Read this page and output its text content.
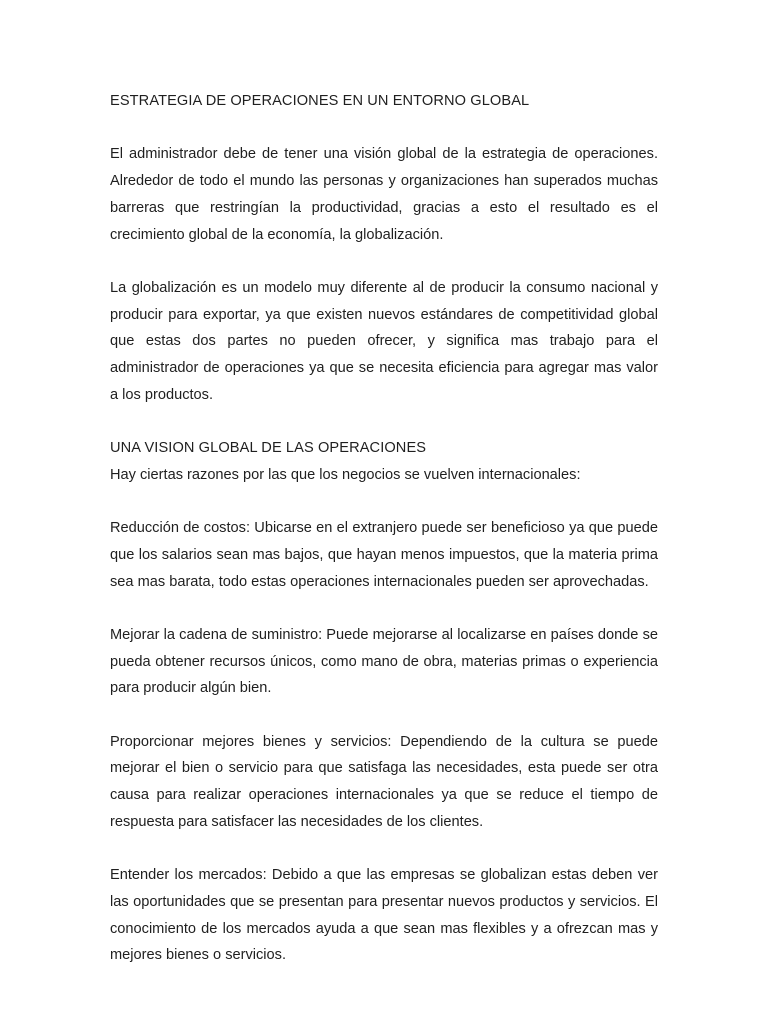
ESTRATEGIA DE OPERACIONES EN UN ENTORNO GLOBAL

El administrador debe de tener una visión global de la estrategia de operaciones. Alrededor de todo el mundo las personas y organizaciones han superados muchas barreras que restringían la productividad, gracias a esto el resultado es el crecimiento global de la economía, la globalización.

La globalización es un modelo muy diferente al de producir la consumo nacional y producir para exportar, ya que existen nuevos estándares de competitividad global que estas dos partes no pueden ofrecer, y significa mas trabajo para el administrador de operaciones ya que se necesita eficiencia para agregar mas valor a los productos.

UNA VISION GLOBAL DE LAS OPERACIONES

Hay ciertas razones por las que los negocios se vuelven internacionales:

Reducción de costos: Ubicarse en el extranjero puede ser beneficioso ya que puede que los salarios sean mas bajos, que hayan menos impuestos, que la materia prima sea mas barata, todo estas operaciones internacionales pueden ser aprovechadas.

Mejorar la cadena de suministro: Puede mejorarse al localizarse en países donde se pueda obtener recursos únicos, como mano de obra, materias primas o experiencia para producir algún bien.

Proporcionar mejores bienes y servicios: Dependiendo de la cultura se puede mejorar el bien o servicio para que satisfaga las necesidades, esta puede ser otra causa para realizar operaciones internacionales ya que se reduce el tiempo de respuesta para satisfacer las necesidades de los clientes.

Entender los mercados: Debido a que las empresas se globalizan estas deben ver las oportunidades que se presentan para presentar nuevos productos y servicios. El conocimiento de los mercados ayuda a que sean mas flexibles y a ofrezcan mas y mejores bienes o servicios.
